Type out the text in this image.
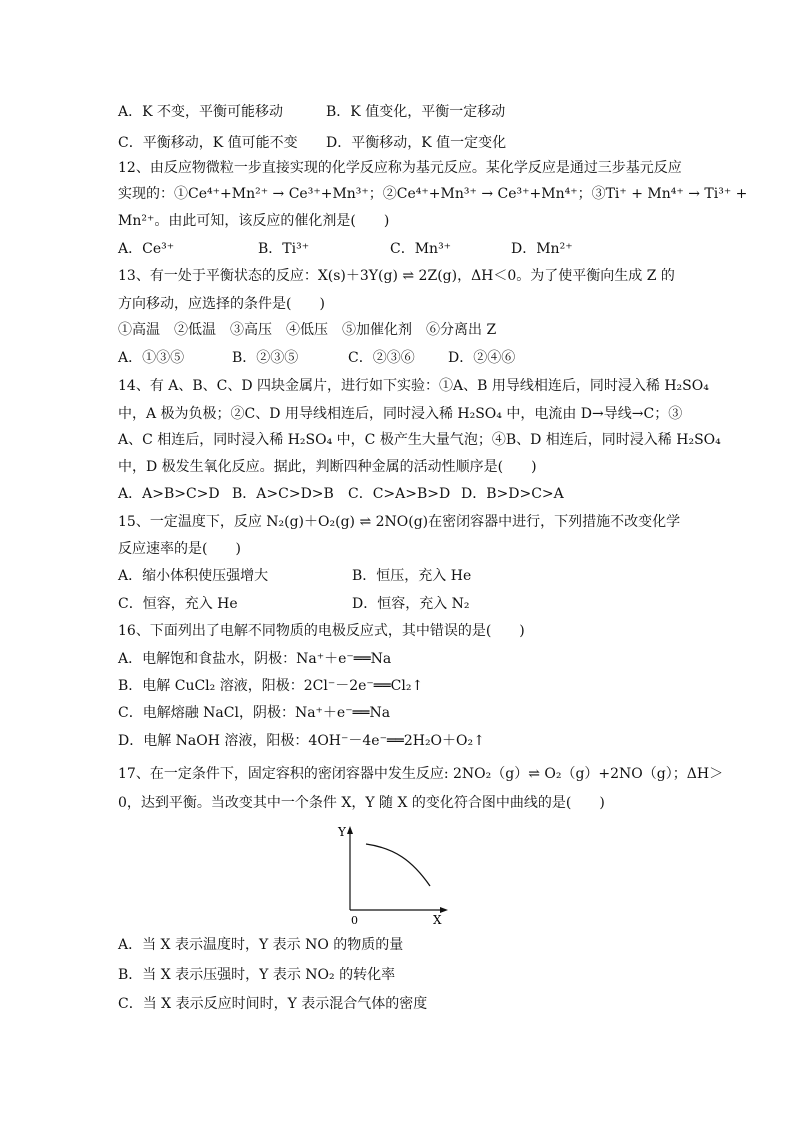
A．K 不变，平衡可能移动	B．K 值变化，平衡一定移动
C．平衡移动，K 值可能不变 D．平衡移动，K 值一定变化
12、由反应物微粒一步直接实现的化学反应称为基元反应。某化学反应是通过三步基元反应
实现的：①Ce⁴⁺+Mn²⁺ → Ce³⁺+Mn³⁺；②Ce⁴⁺+Mn³⁺ → Ce³⁺+Mn⁴⁺；③Ti⁺ + Mn⁴⁺ → Ti³⁺ +
Mn²⁺。由此可知，该反应的催化剂是(　　)
A．Ce³⁺	B．Ti³⁺	C．Mn³⁺	D．Mn²⁺
13、有一处于平衡状态的反应：X(s)＋3Y(g) ⇌ 2Z(g)，ΔH＜0。为了使平衡向生成 Z 的
方向移动，应选择的条件是(　　)
①高温　②低温　③高压　④低压　⑤加催化剂　⑥分离出 Z
A．①③⑤	B．②③⑤	C．②③⑥ D．②④⑥
14、有 A、B、C、D 四块金属片，进行如下实验：①A、B 用导线相连后，同时浸入稀 H₂SO₄
中，A 极为负极；②C、D 用导线相连后，同时浸入稀 H₂SO₄ 中，电流由 D→导线→C；③
A、C 相连后，同时浸入稀 H₂SO₄ 中，C 极产生大量气泡；④B、D 相连后，同时浸入稀 H₂SO₄
中，D 极发生氧化反应。据此，判断四种金属的活动性顺序是(　　)
A．A>B>C>D B．A>C>D>B C．C>A>B>D D．B>D>C>A
15、一定温度下，反应 N₂(g)＋O₂(g) ⇌ 2NO(g)在密闭容器中进行，下列措施不改变化学
反应速率的是(　　)
A．缩小体积使压强增大	B．恒压，充入 He
C．恒容，充入 He	D．恒容，充入 N₂
16、下面列出了电解不同物质的电极反应式，其中错误的是(　　)
A．电解饱和食盐水，阴极：Na⁺＋e⁻══Na
B．电解 CuCl₂ 溶液，阳极：2Cl⁻－2e⁻══Cl₂↑
C．电解熔融 NaCl，阴极：Na⁺＋e⁻══Na
D．电解 NaOH 溶液，阳极：4OH⁻－4e⁻══2H₂O＋O₂↑
17、在一定条件下，固定容积的密闭容器中发生反应: 2NO₂（g）⇌ O₂（g）+2NO（g）；ΔH＞
0，达到平衡。当改变其中一个条件 X，Y 随 X 的变化符合图中曲线的是(　　)
Y
X
0
A．当 X 表示温度时，Y 表示 NO 的物质的量
B．当 X 表示压强时，Y 表示 NO₂ 的转化率
C．当 X 表示反应时间时，Y 表示混合气体的密度
